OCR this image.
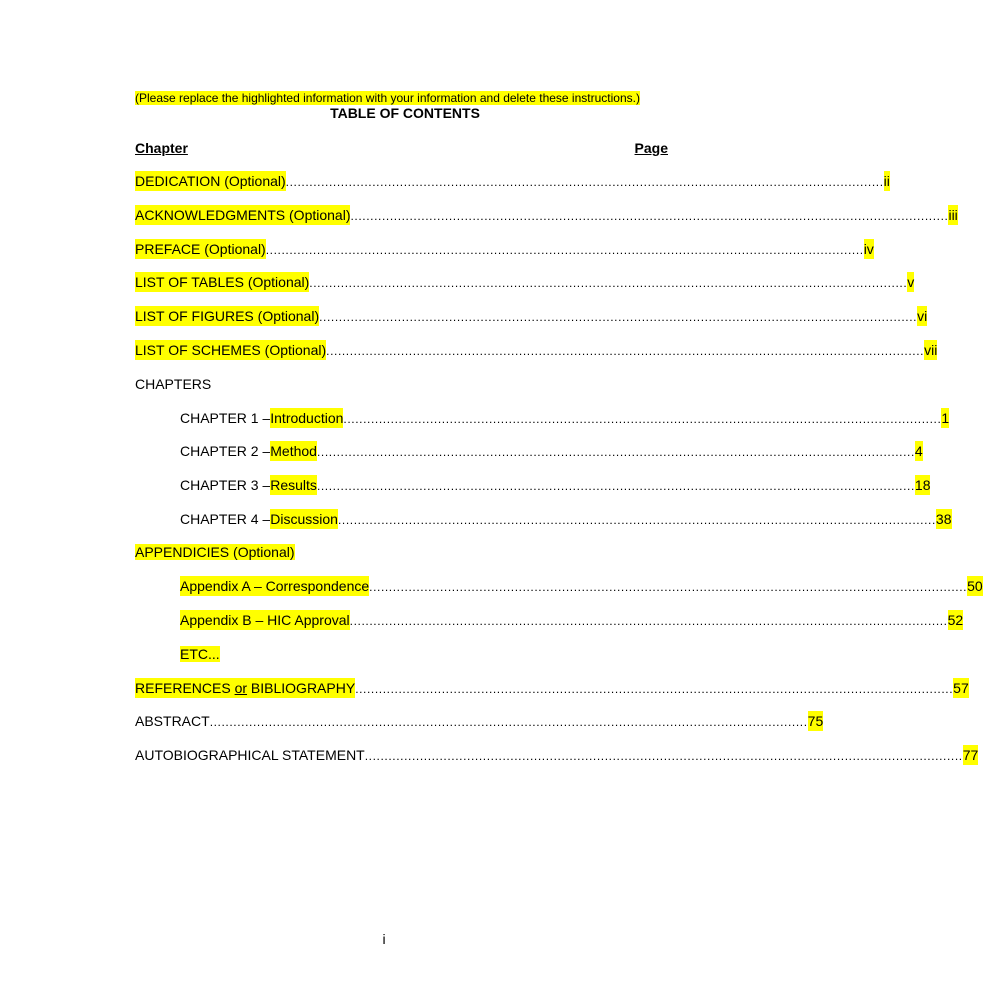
(Please replace the highlighted information with your information and delete these instructions.)
TABLE OF CONTENTS
Chapter	Page
DEDICATION (Optional) ........................................................................................................................................................ ii
ACKNOWLEDGMENTS (Optional) ........................................................................................................................................................ iii
PREFACE (Optional) ........................................................................................................................................................ iv
LIST OF TABLES (Optional) ........................................................................................................................................................ v
LIST OF FIGURES (Optional) ........................................................................................................................................................ vi
LIST OF SCHEMES (Optional) ........................................................................................................................................................ vii
CHAPTERS
CHAPTER 1 – Introduction ........................................................................................................................................................ 1
CHAPTER 2 – Method ........................................................................................................................................................ 4
CHAPTER 3 – Results ........................................................................................................................................................ 18
CHAPTER 4 – Discussion ........................................................................................................................................................ 38
APPENDICIES (Optional)
Appendix A – Correspondence ........................................................................................................................................................ 50
Appendix B – HIC Approval ........................................................................................................................................................ 52
ETC...
REFERENCES or BIBLIOGRAPHY ........................................................................................................................................................ 57
ABSTRACT ........................................................................................................................................................ 75
AUTOBIOGRAPHICAL STATEMENT ........................................................................................................................................................ 77
i
